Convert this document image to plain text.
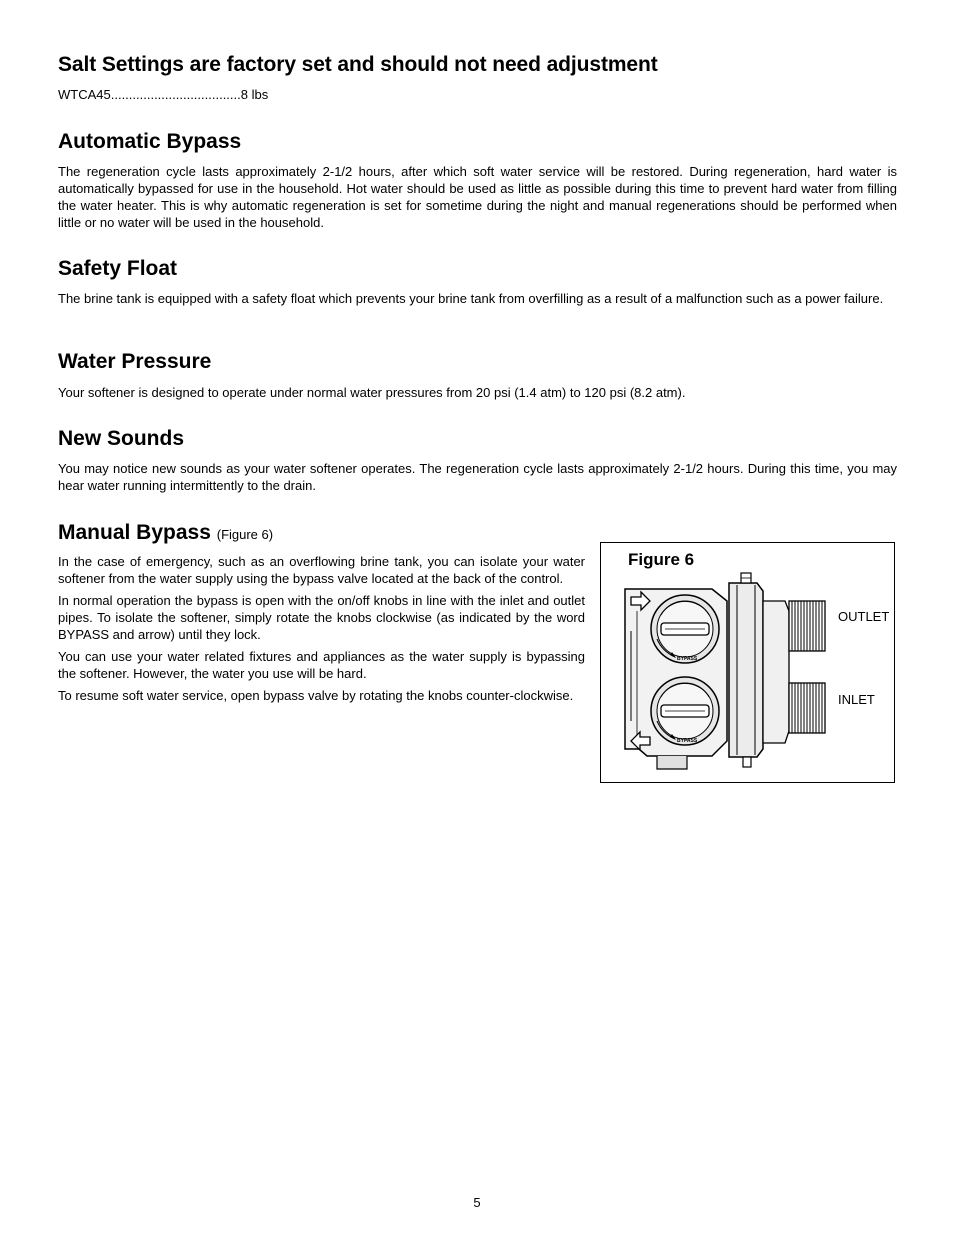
Salt Settings are factory set and should not need adjustment
WTCA45....................................8 lbs
Automatic Bypass
The regeneration cycle lasts approximately 2-1/2 hours, after which soft water service will be restored. During regeneration, hard water is automatically bypassed for use in the household. Hot water should be used as little as possible during this time to prevent hard water from filling the water heater. This is why automatic regeneration is set for sometime during the night and manual regenerations should be performed when little or no water will be used in the household.
Safety Float
The brine tank is equipped with a safety float which prevents your brine tank from overfilling as a result of a malfunction such as a power failure.
Water Pressure
Your softener is designed to operate under normal water pressures from 20 psi (1.4 atm) to 120 psi (8.2 atm).
New Sounds
You may notice new sounds as your water softener operates. The regeneration cycle lasts approximately 2-1/2 hours. During this time, you may hear water running intermittently to the drain.
Manual Bypass (Figure 6)

In the case of emergency, such as an overflowing brine tank, you can isolate your water softener from the water supply using the bypass valve located at the back of the control.

In normal operation the bypass is open with the on/off knobs in line with the inlet and outlet pipes. To isolate the softener, simply rotate the knobs clockwise (as indicated by the word BYPASS and arrow) until they lock.

You can use your water related fixtures and appliances as the water supply is bypassing the softener. However, the water you use will be hard.

To resume soft water service, open bypass valve by rotating the knobs counter-clockwise.

Figure 6
OUTLET
INLET
BYPASS
BYPASS
5
